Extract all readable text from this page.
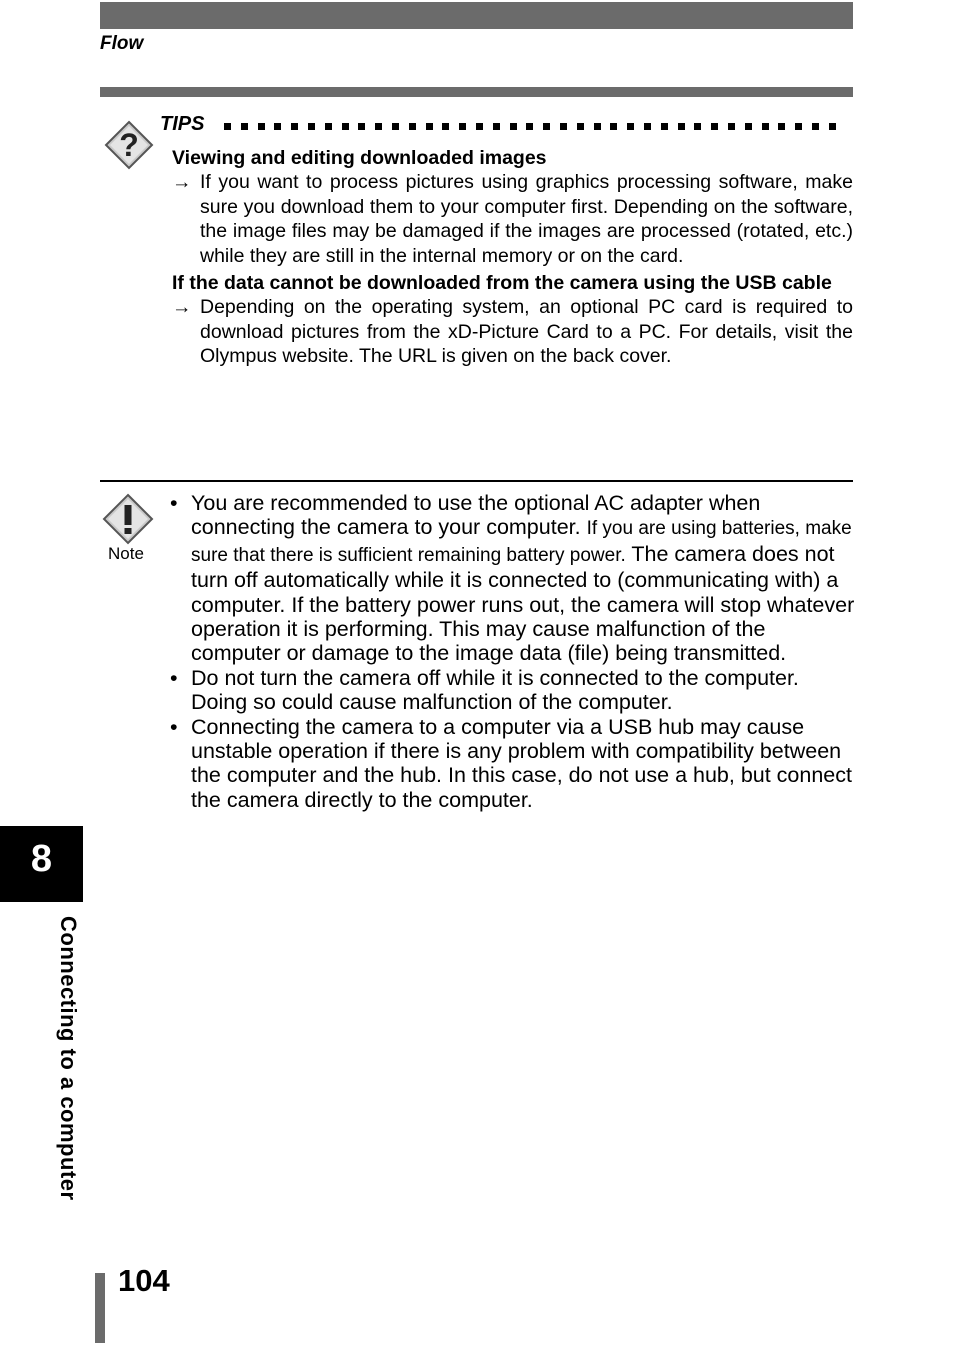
Flow
?
TIPS
Viewing and editing downloaded images
→ If you want to process pictures using graphics processing software, make sure you download them to your computer first. Depending on the software, the image files may be damaged if the images are processed (rotated, etc.) while they are still in the internal memory or on the card.
If the data cannot be downloaded from the camera using the USB cable
→ Depending on the operating system, an optional PC card is required to download pictures from the xD-Picture Card to a PC. For details, visit the Olympus website. The URL is given on the back cover.
Note
• You are recommended to use the optional AC adapter when connecting the camera to your computer. If you are using batteries, make sure that there is sufficient remaining battery power. The camera does not turn off automatically while it is connected to (communicating with) a computer. If the battery power runs out, the camera will stop whatever operation it is performing. This may cause malfunction of the computer or damage to the image data (file) being transmitted.
• Do not turn the camera off while it is connected to the computer. Doing so could cause malfunction of the computer.
• Connecting the camera to a computer via a USB hub may cause unstable operation if there is any problem with compatibility between the computer and the hub. In this case, do not use a hub, but connect the camera directly to the computer.
8
Connecting to a computer
104
